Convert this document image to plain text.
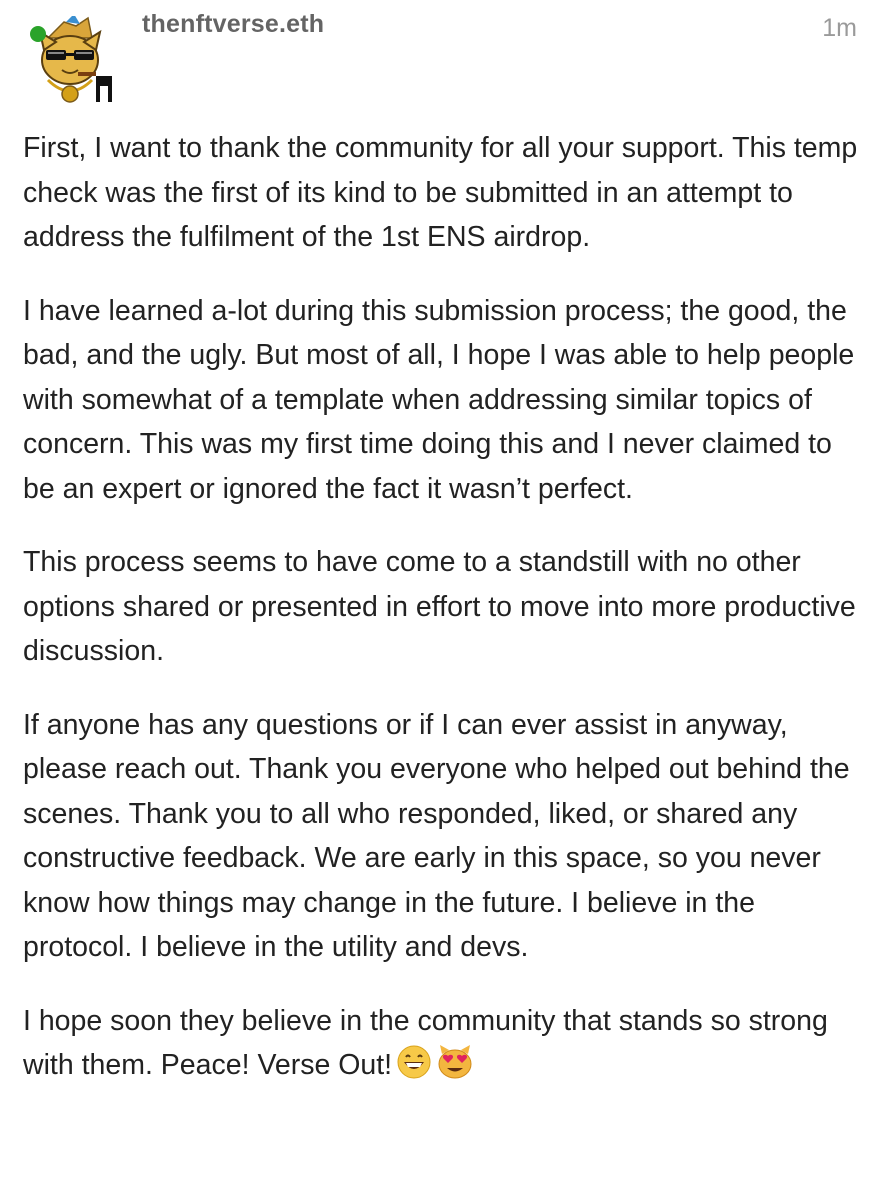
thenftverse.eth	1m

First, I want to thank the community for all your support. This temp check was the first of its kind to be submitted in an attempt to address the fulfilment of the 1st ENS airdrop.

I have learned a-lot during this submission process; the good, the bad, and the ugly. But most of all, I hope I was able to help people with somewhat of a template when addressing similar topics of concern. This was my first time doing this and I never claimed to be an expert or ignored the fact it wasn’t perfect.

This process seems to have come to a standstill with no other options shared or presented in effort to move into more productive discussion.

If anyone has any questions or if I can ever assist in anyway, please reach out. Thank you everyone who helped out behind the scenes. Thank you to all who responded, liked, or shared any constructive feedback. We are early in this space, so you never know how things may change in the future. I believe in the protocol. I believe in the utility and devs.

I hope soon they believe in the community that stands so strong with them. Peace! Verse Out!
